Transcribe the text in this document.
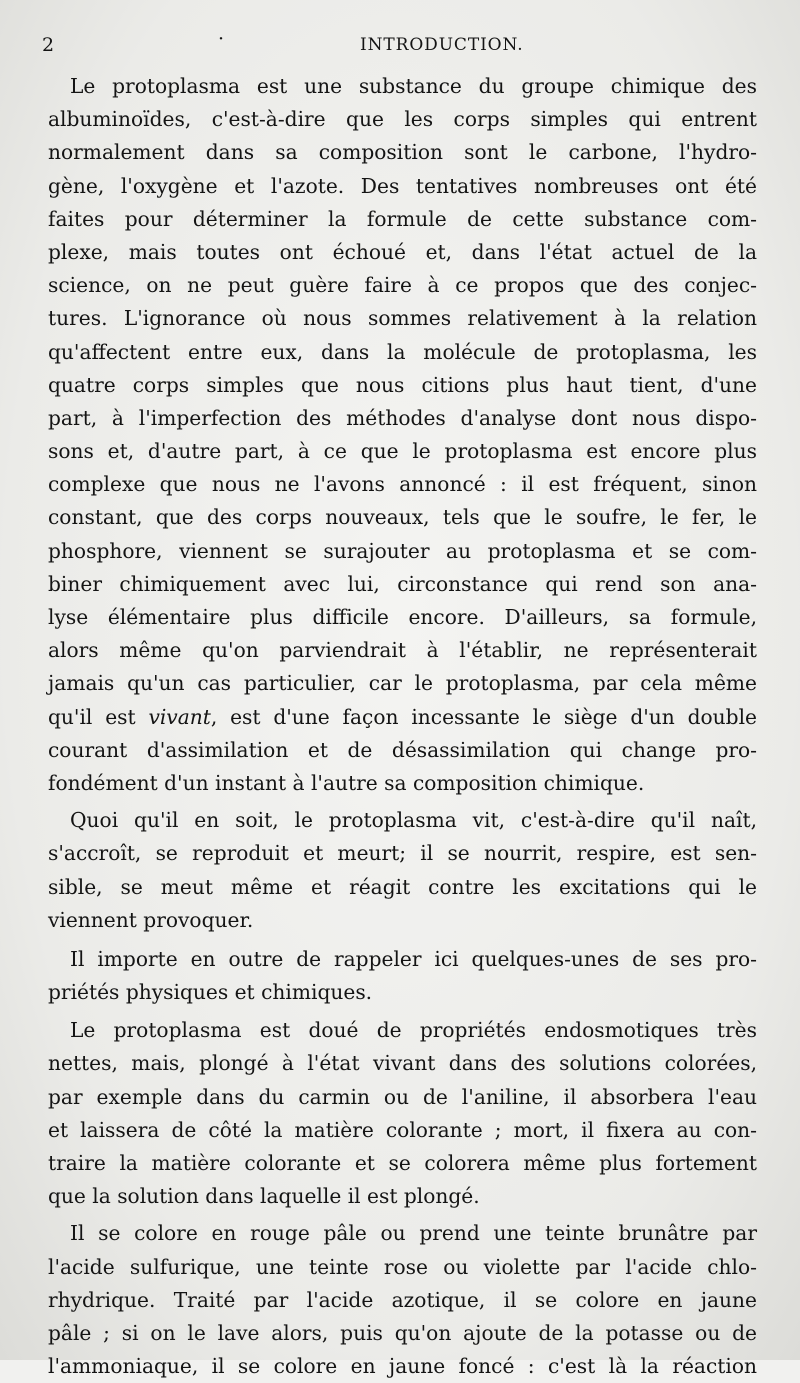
2	·	INTRODUCTION.
Le protoplasma est une substance du groupe chimique des
albuminoïdes, c'est-à-dire que les corps simples qui entrent
normalement dans sa composition sont le carbone, l'hydro-
gène, l'oxygène et l'azote. Des tentatives nombreuses ont été
faites pour déterminer la formule de cette substance com-
plexe, mais toutes ont échoué et, dans l'état actuel de la
science, on ne peut guère faire à ce propos que des conjec-
tures. L'ignorance où nous sommes relativement à la relation
qu'affectent entre eux, dans la molécule de protoplasma, les
quatre corps simples que nous citions plus haut tient, d'une
part, à l'imperfection des méthodes d'analyse dont nous dispo-
sons et, d'autre part, à ce que le protoplasma est encore plus
complexe que nous ne l'avons annoncé : il est fréquent, sinon
constant, que des corps nouveaux, tels que le soufre, le fer, le
phosphore, viennent se surajouter au protoplasma et se com-
biner chimiquement avec lui, circonstance qui rend son ana-
lyse élémentaire plus difficile encore. D'ailleurs, sa formule,
alors même qu'on parviendrait à l'établir, ne représenterait
jamais qu'un cas particulier, car le protoplasma, par cela même
qu'il est vivant, est d'une façon incessante le siège d'un double
courant d'assimilation et de désassimilation qui change pro-
fondément d'un instant à l'autre sa composition chimique.
Quoi qu'il en soit, le protoplasma vit, c'est-à-dire qu'il naît,
s'accroît, se reproduit et meurt; il se nourrit, respire, est sen-
sible, se meut même et réagit contre les excitations qui le
viennent provoquer.
Il importe en outre de rappeler ici quelques-unes de ses pro-
priétés physiques et chimiques.
Le protoplasma est doué de propriétés endosmotiques très
nettes, mais, plongé à l'état vivant dans des solutions colorées,
par exemple dans du carmin ou de l'aniline, il absorbera l'eau
et laissera de côté la matière colorante ; mort, il fixera au con-
traire la matière colorante et se colorera même plus fortement
que la solution dans laquelle il est plongé.
Il se colore en rouge pâle ou prend une teinte brunâtre par
l'acide sulfurique, une teinte rose ou violette par l'acide chlo-
rhydrique. Traité par l'acide azotique, il se colore en jaune
pâle ; si on le lave alors, puis qu'on ajoute de la potasse ou de
l'ammoniaque, il se colore en jaune foncé : c'est là la réaction
